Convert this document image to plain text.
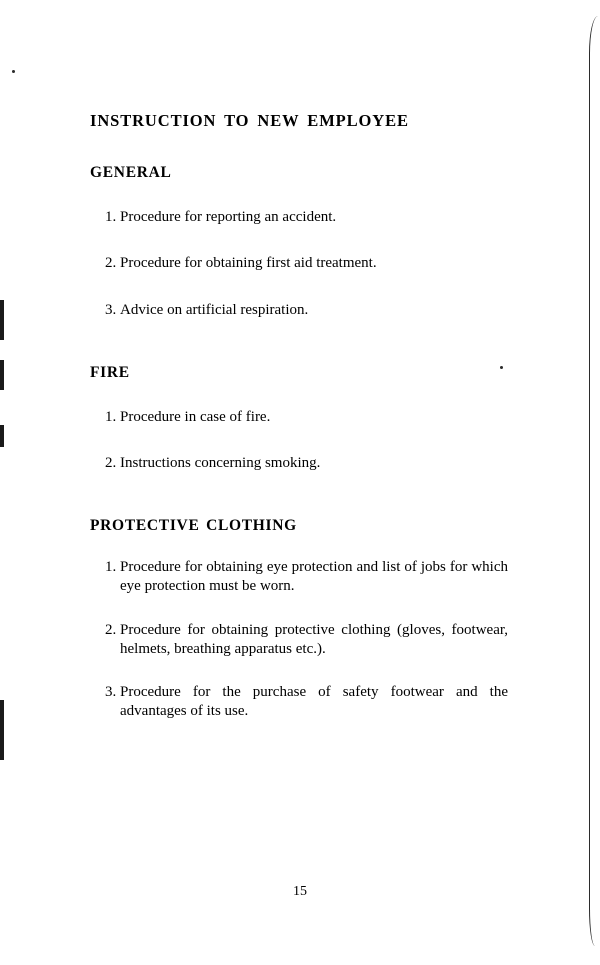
INSTRUCTION TO NEW EMPLOYEE
GENERAL
1. Procedure for reporting an accident.
2. Procedure for obtaining first aid treatment.
3. Advice on artificial respiration.
FIRE
1. Procedure in case of fire.
2. Instructions concerning smoking.
PROTECTIVE CLOTHING
1. Procedure for obtaining eye protection and list of jobs for which eye protection must be worn.
2. Procedure for obtaining protective clothing (gloves, footwear, helmets, breathing apparatus etc.).
3. Procedure for the purchase of safety footwear and the advantages of its use.
15
